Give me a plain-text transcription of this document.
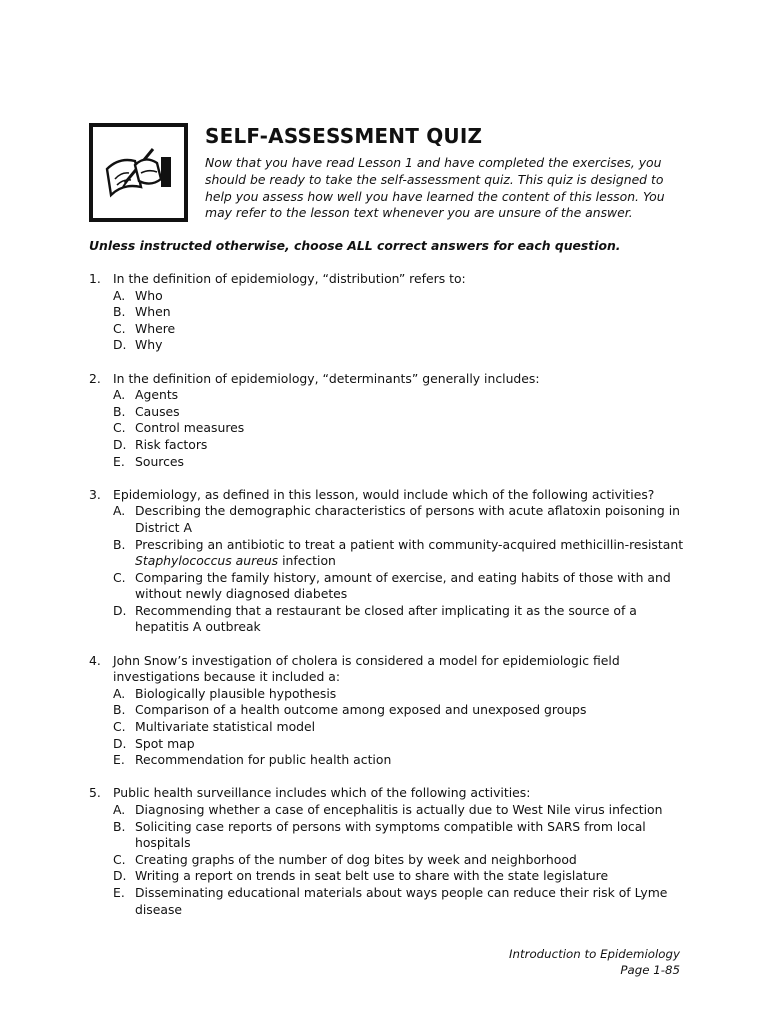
SELF-ASSESSMENT QUIZ

Now that you have read Lesson 1 and have completed the exercises, you should be ready to take the self-assessment quiz. This quiz is designed to help you assess how well you have learned the content of this lesson. You may refer to the lesson text whenever you are unsure of the answer.

Unless instructed otherwise, choose ALL correct answers for each question.

1. In the definition of epidemiology, “distribution” refers to:
A. Who
B. When
C. Where
D. Why
2. In the definition of epidemiology, “determinants” generally includes:
A. Agents
B. Causes
C. Control measures
D. Risk factors
E. Sources
3. Epidemiology, as defined in this lesson, would include which of the following activities?
A. Describing the demographic characteristics of persons with acute aflatoxin poisoning in District A
B. Prescribing an antibiotic to treat a patient with community-acquired methicillin-resistant Staphylococcus aureus infection
C. Comparing the family history, amount of exercise, and eating habits of those with and without newly diagnosed diabetes
D. Recommending that a restaurant be closed after implicating it as the source of a hepatitis A outbreak
4. John Snow’s investigation of cholera is considered a model for epidemiologic field investigations because it included a:
A. Biologically plausible hypothesis
B. Comparison of a health outcome among exposed and unexposed groups
C. Multivariate statistical model
D. Spot map
E. Recommendation for public health action
5. Public health surveillance includes which of the following activities:
A. Diagnosing whether a case of encephalitis is actually due to West Nile virus infection
B. Soliciting case reports of persons with symptoms compatible with SARS from local hospitals
C. Creating graphs of the number of dog bites by week and neighborhood
D. Writing a report on trends in seat belt use to share with the state legislature
E. Disseminating educational materials about ways people can reduce their risk of Lyme disease
Introduction to Epidemiology
Page 1-85
